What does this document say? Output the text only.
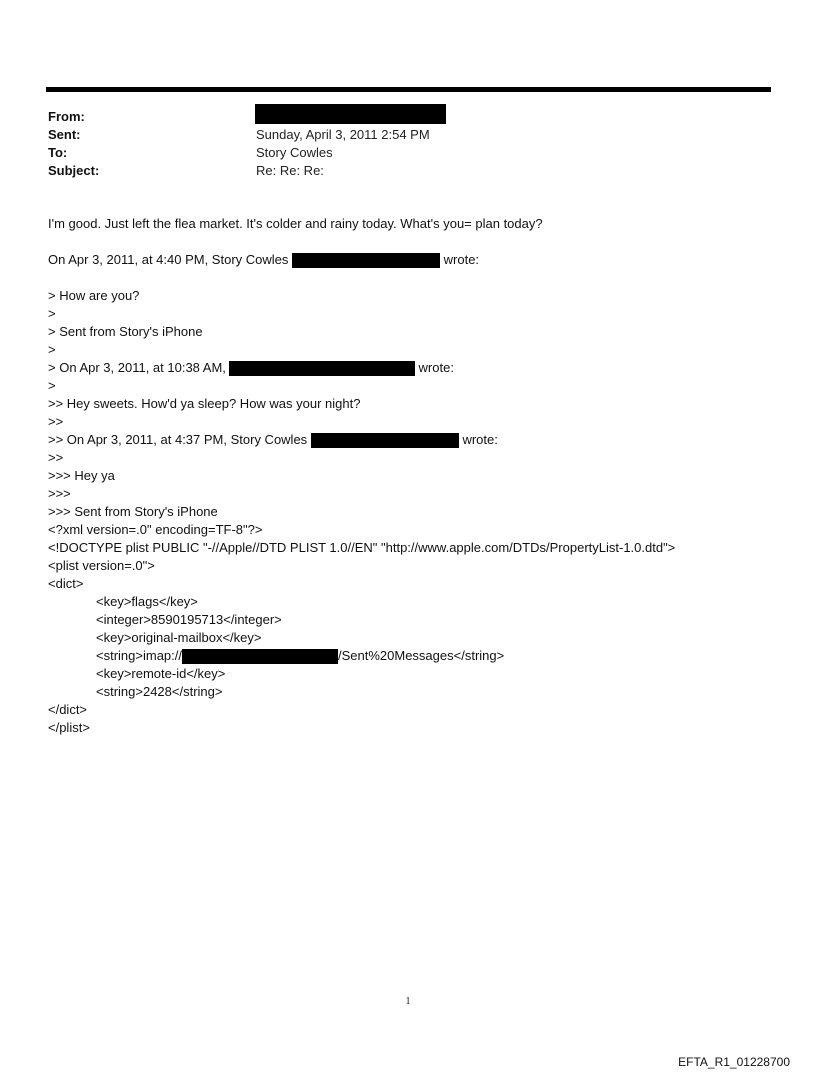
From:
Sent:	Sunday, April 3, 2011 2:54 PM
To:	Story Cowles
Subject:	Re: Re: Re:
I'm good. Just left the flea market. It's colder and rainy today. What's you= plan today?
On Apr 3, 2011, at 4:40 PM, Story Cowles	wrote:
> How are you?
>
> Sent from Story's iPhone
>
> On Apr 3, 2011, at 10:38 AM,	wrote:
>
>> Hey sweets. How'd ya sleep? How was your night?
>>
>> On Apr 3, 2011, at 4:37 PM, Story Cowles	wrote:
>>
>>> Hey ya
>>>
>>> Sent from Story's iPhone
<?xml version=.0" encoding=TF-8"?>
<!DOCTYPE plist PUBLIC "-//Apple//DTD PLIST 1.0//EN" "http://www.apple.com/DTDs/PropertyList-1.0.dtd">
<plist version=.0">
<dict>
<key>flags</key>
<integer>8590195713</integer>
<key>original-mailbox</key>
<string>imap://	/Sent%20Messages</string>
<key>remote-id</key>
<string>2428</string>
</dict>
</plist>
1
EFTA_R1_01228700
